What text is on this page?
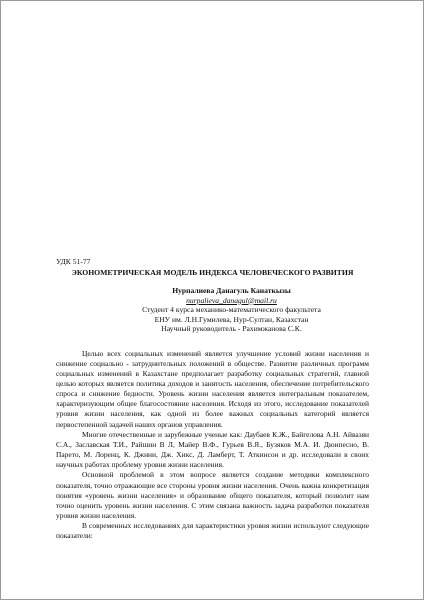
УДК 51-77

ЭКОНОМЕТРИЧЕСКАЯ МОДЕЛЬ ИНДЕКСА ЧЕЛОВЕЧЕСКОГО РАЗВИТИЯ

Нурпалиева Данагуль Канаткызы
nurpalieva_danagul@mail.ru
Студент 4 курса механико-математического факультета
ЕНУ им. Л.Н.Гумилева, Нур-Султан, Казахстан
Научный руководитель - Рахимжанова С.К.

Целью всех социальных изменений является улучшение условий жизни населения и снижение социально - затруднительных положений в обществе. Развитие различных программ социальных изменений в Казахстане предполагает разработку социальных стратегий, главной целью которых является политика доходов и занятость населения, обеспечение потребительского спроса и снижение бедности. Уровень жизни населения является интегральным показателем, характеризующим общее благосостояние населения. Исходя из этого, исследование показателей уровня жизни населения, как одной из более важных социальных категорий является первостепенной задачей наших органов управления.

Многие отечественные и зарубежные ученые как: Даубаев К.Ж., Байгелова А.Н. Айвазян С.А., Заславская Т.И., Райшин В Л, Майер В.Ф., Гурьев В.Я., Бузяков М.А. И. Дюипесно, В. Парето, М. Лоренц, К. Джини, Дж. Хикс, Д. Ламберт, Т. Аткинсон и др. исследовали в своих научных работах проблему уровня жизни населения.

Основной проблемой в этом вопросе является создание методики комплексного показателя, точно отражающие все стороны уровня жизни населения. Очень важна конкретизация понятия «уровень жизни населения» и образование общего показателя, который позволит нам точно оценить уровень жизни населения. С этим связана важность задача разработки показателя уровня жизни населения.

В современных исследованиях для характеристики уровня жизни используют следующие показатели:
